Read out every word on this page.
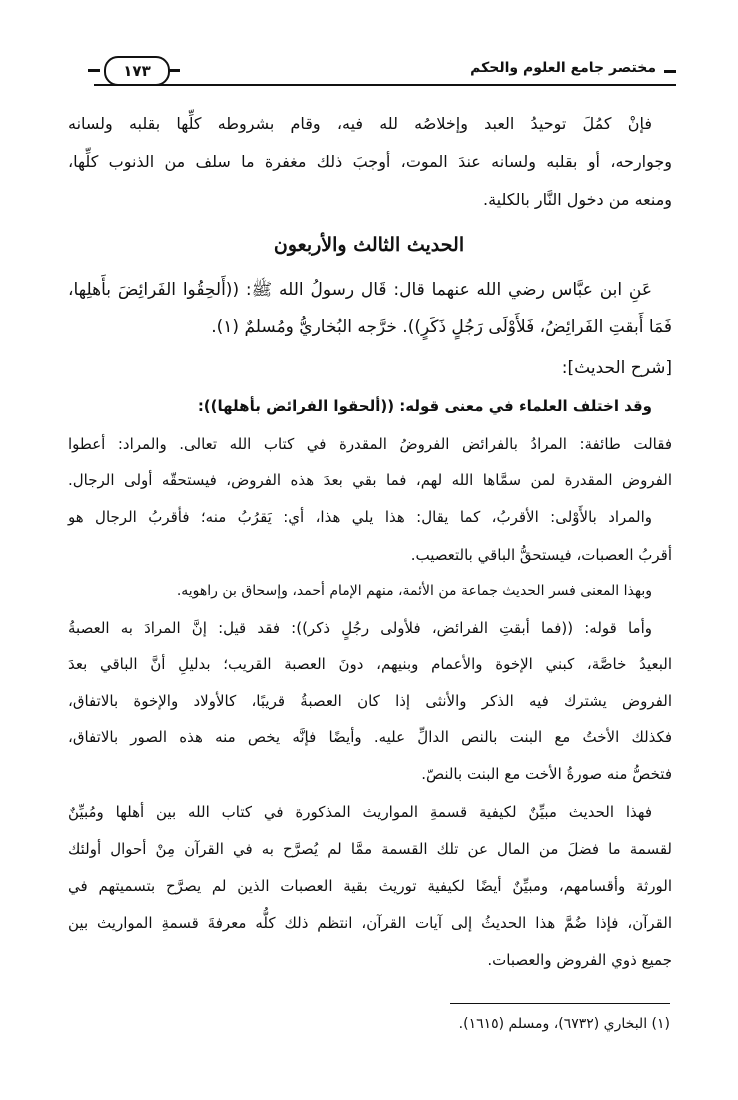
مختصر جامع العلوم والحكم
١٧٣
فإنْ كمُلَ توحيدُ العبد وإخلاصُه لله فيه، وقام بشروطه كلِّها بقلبه ولسانه
وجوارحه، أو بقلبه ولسانه عندَ الموت، أوجبَ ذلك مغفرة ما سلف من الذنوب كلِّها،
ومنعه من دخول النَّار بالكلية.
الحديث الثالث والأربعون
عَنِ ابن عبَّاس رضي الله عنهما قال: قَال رسولُ الله ﷺ: ((أَلحِقُوا الفَرائِضَ بأَهلِها،
فَمَا أَبقتِ الفَرائِضُ، فَلأَوْلَى رَجُلٍ ذَكَرٍ)). خرَّجه البُخاريُّ ومُسلمٌ (١).
[شرح الحديث]:
وقد اختلف العلماء في معنى قوله: ((ألحقوا الفرائض بأهلها)):
فقالت طائفة: المرادُ بالفرائض الفروضُ المقدرة في كتاب الله تعالى. والمراد: أعطوا
الفروض المقدرة لمن سمَّاها الله لهم، فما بقي بعدَ هذه الفروض، فيستحقّه أولى الرجال.
والمراد بالأَوْلى: الأقربُ، كما يقال: هذا يلي هذا، أي: يَقرُبُ منه؛ فأقربُ الرجال هو
أقربُ العصبات، فيستحقُّ الباقي بالتعصيب.
وبهذا المعنى فسر الحديث جماعة من الأئمة، منهم الإمام أحمد، وإسحاق بن راهويه.
وأما قوله: ((فما أبقتِ الفرائض، فلأولى رجُلٍ ذكر)): فقد قيل: إنَّ المرادَ به العصبةُ
البعيدُ خاصَّة، كبني الإخوة والأعمام وبنيهم، دونَ العصبة القريب؛ بدليلِ أنَّ الباقي بعدَ
الفروض يشترك فيه الذكر والأنثى إذا كان العصبةُ قريبًا، كالأولاد والإخوة بالاتفاق،
فكذلك الأختُ مع البنت بالنص الدالِّ عليه. وأيضًا فإنَّه يخص منه هذه الصور بالاتفاق،
فتخصُّ منه صورةُ الأخت مع البنت بالنصّ.
فهذا الحديث مبيِّنٌ لكيفية قسمةِ المواريث المذكورة في كتاب الله بين أهلها ومُبيِّنٌ
لقسمة ما فضلَ من المال عن تلك القسمة ممَّا لم يُصرَّح به في القرآن مِنْ أحوال أولئك
الورثة وأقسامهم، ومبيِّنٌ أيضًا لكيفية توريث بقية العصبات الذين لم يصرَّح بتسميتهم في
القرآن، فإذا ضُمَّ هذا الحديثُ إلى آيات القرآن، انتظم ذلك كلُّه معرفةَ قسمةِ المواريث بين
جميع ذوي الفروض والعصبات.
(١) البخاري (٦٧٣٢)، ومسلم (١٦١٥).
